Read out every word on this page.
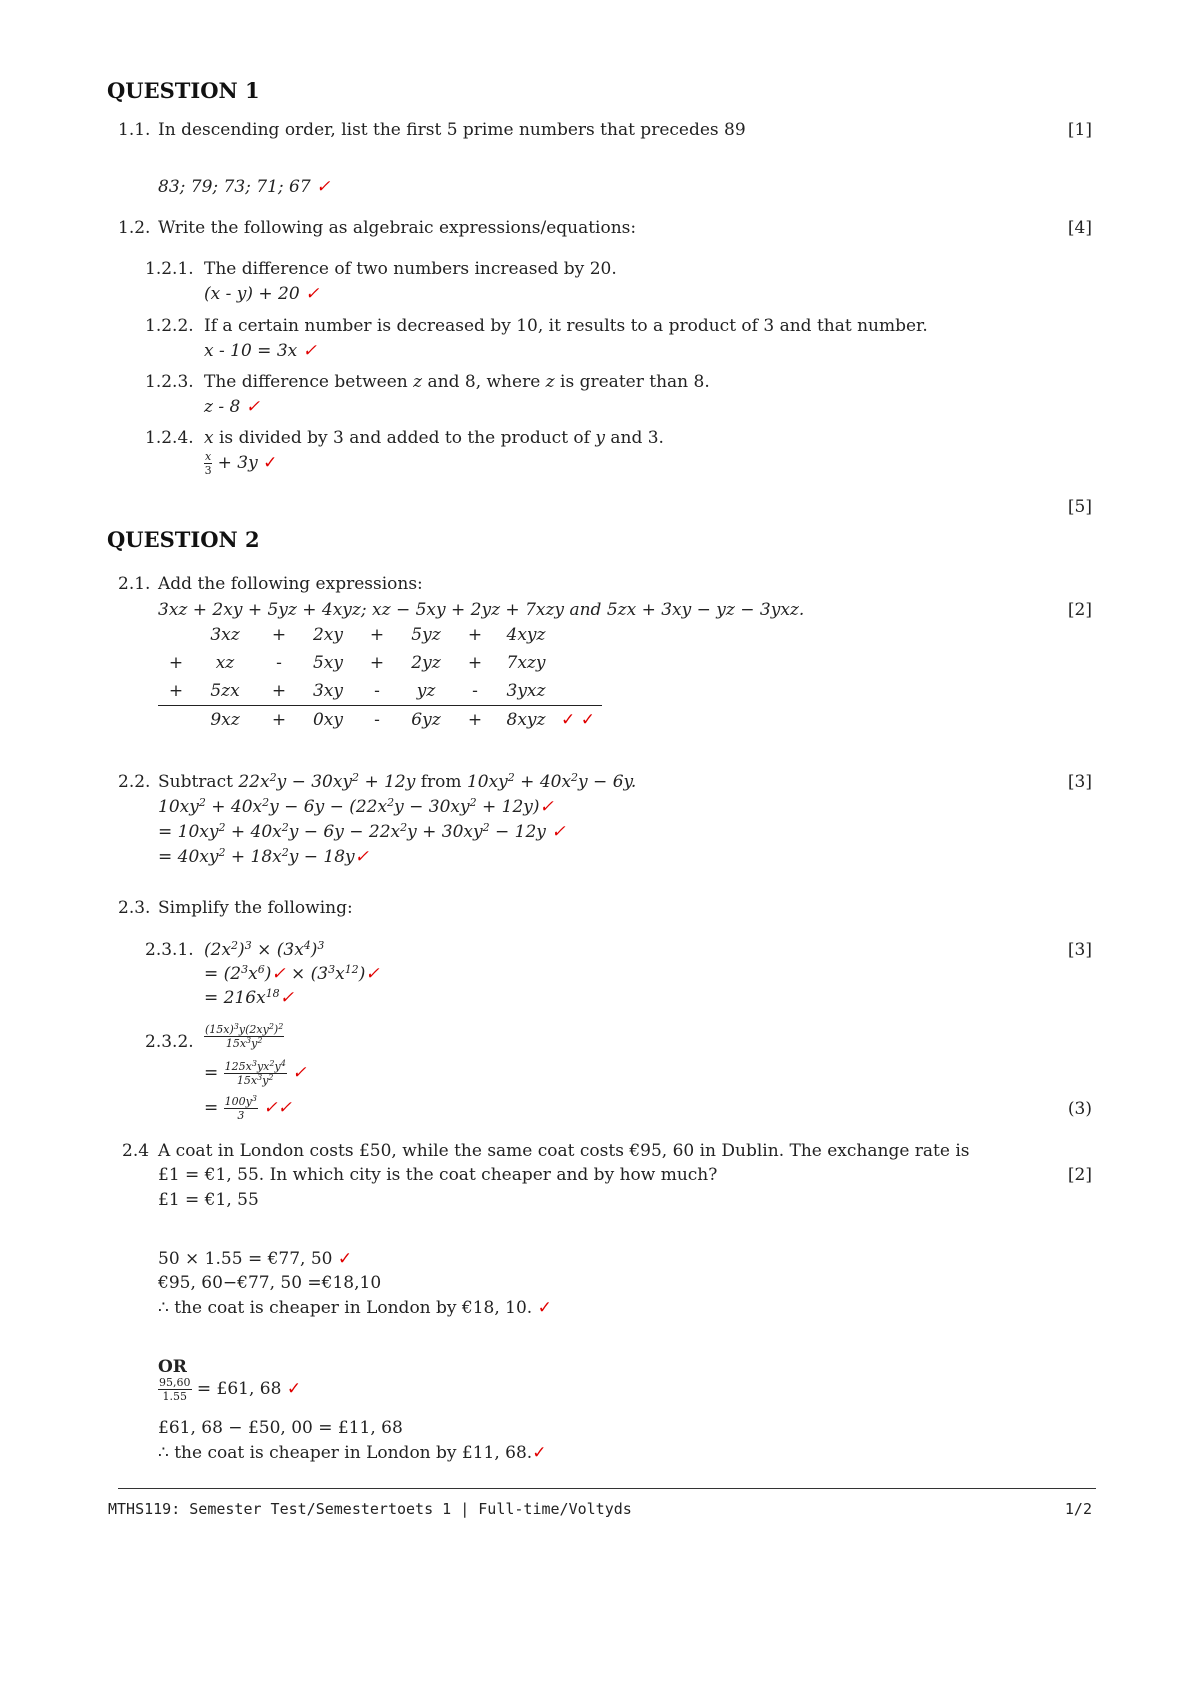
QUESTION 1
1.1. In descending order, list the first 5 prime numbers that precedes 89	[1]
83; 79; 73; 71; 67 ✓
1.2. Write the following as algebraic expressions/equations:	[4]
1.2.1. The difference of two numbers increased by 20.
(x - y) + 20 ✓
1.2.2. If a certain number is decreased by 10, it results to a product of 3 and that number.
x - 10 = 3x ✓
1.2.3. The difference between z and 8, where z is greater than 8.
z - 8 ✓
1.2.4. x is divided by 3 and added to the product of y and 3.
$\frac{x}{3} + 3y$ ✓
[5]
QUESTION 2
2.1. Add the following expressions:
3xz + 2xy + 5yz + 4xyz; xz − 5xy + 2yz + 7xzy and 5zx + 3xy − yz − 3yxz.	[2]
	3xz	+	2xy	+	5yz	+	4xyz	
+	xz	-	5xy	+	2yz	+	7xzy	
+	5zx	+	3xy	-	yz	-	3yxz	
	9xz	+	0xy	-	6yz	+	8xyz	✓ ✓
2.2. Subtract $22x^2y - 30xy^2 + 12y$ from $10xy^2 + 40x^2y - 6y$.	[3]
$10xy^2 + 40x^2y - 6y - (22x^2y - 30xy^2$ + 12y)✓
= $10xy^2 + 40x^2y - 6y - 22x^2y + 30xy^2 - 12y$ ✓
= $40xy^2 + 18x^2y$ − 18y✓
2.3. Simplify the following:
2.3.1. $(2x^2)^3 \times (3x^4)^3$	[3]
= $(2^3x^6)✓$ × $(3^3x^{12})✓$
= $216x^{18}✓$
2.3.2. $\frac{(15x)^3y(2xy^2)^2}{15x^3y^2}$
= $\frac{125x^3yx^2y^4}{15x^3y^2}$ ✓
= $\frac{100y^3}{3}$ ✓✓	(3)
2.4 A coat in London costs £50, while the same coat costs €95, 60 in Dublin. The exchange rate is
£1 = €1, 55. In which city is the coat cheaper and by how much?	[2]
£1 = €1, 55
50 × 1.55 = €77, 50 ✓
€95, 60−€77, 50 =€18,10
∴ the coat is cheaper in London by €18, 10. ✓
OR
$\frac{95,60}{1.55}$ = £61, 68 ✓
£61, 68 − £50, 00 = £11, 68
∴ the coat is cheaper in London by £11, 68.✓
MTHS119: Semester Test/Semestertoets 1 | Full-time/Voltyds	1/2
